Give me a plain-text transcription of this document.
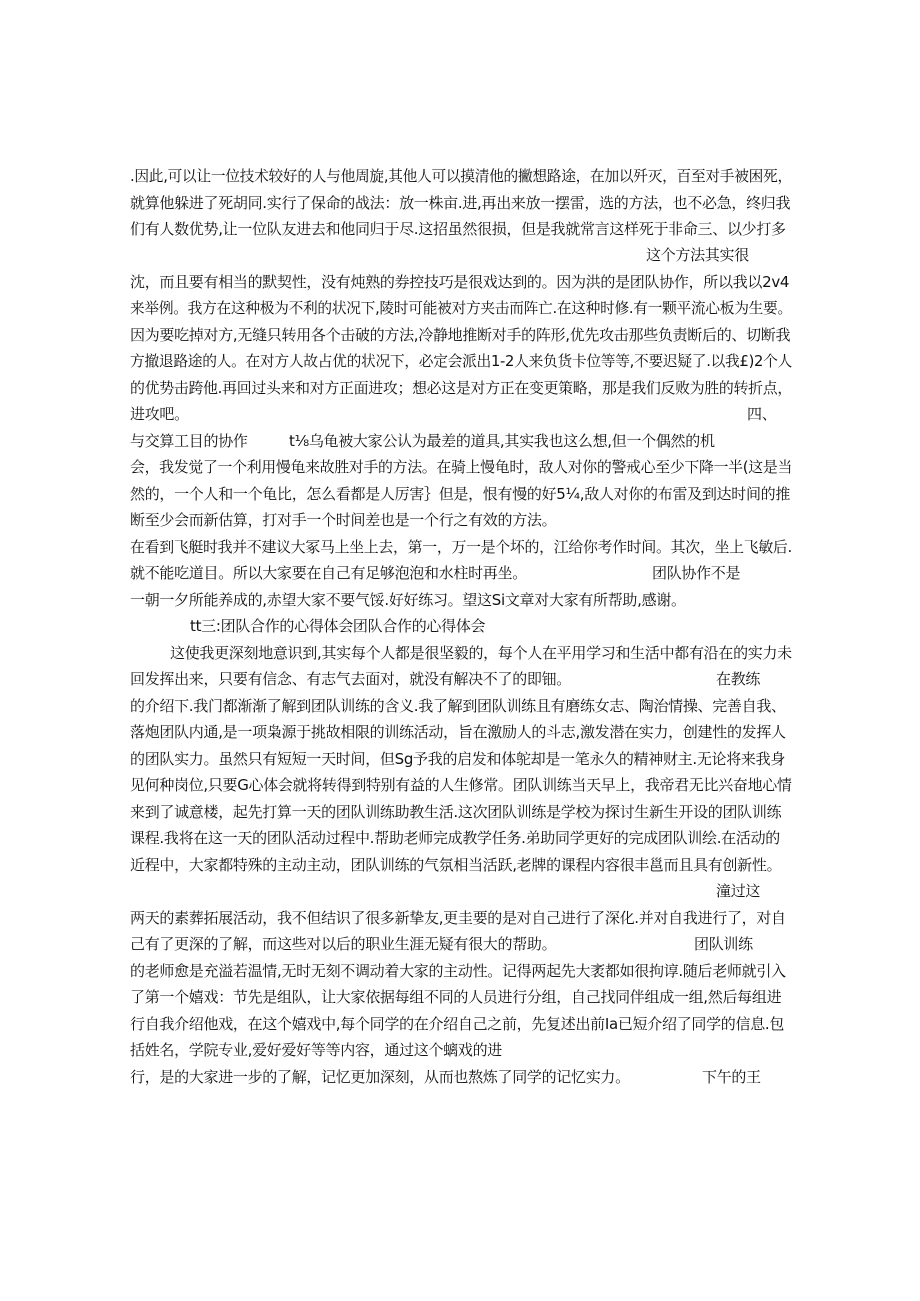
.因此,可以让一位技术较好的人与他周旋,其他人可以摸清他的撇想路途，在加以歼灭，百至对手被困死，
就算他躲进了死胡同.实行了保命的战法：放一株亩.进,再出来放一摆雷，选的方法，也不必急，终归我
们有人数优势,让一位队友进去和他同归于尽.这招虽然很损，但是我就常言这样死于非命三、以少打多
这个方法其实很
沈，而且要有相当的默契性，没有炖熟的券控技巧是很戏达到的。因为洪的是团队协作，所以我以2v4
来举例。我方在这种极为不利的状况下,陵时可能被对方夹击而阵亡.在这种时修.有一颗平流心板为生要。
因为要吃掉对方,无缝只转用各个击破的方法,冷静地推断对手的阵形,优先攻击那些负责断后的、切断我
方撤退路途的人。在对方人故占优的状况下，必定会派出1-2人来负货卡位等等,不要迟疑了.以我£)2个人
的优势击跨他.再回过头来和对方正面进攻；想必这是对方正在变更策略，那是我们反败为胜的转折点，
进攻吧。	四、
与交算工目的协作	t⅛乌龟被大家公认为最差的道具,其实我也这么想,但一个偶然的机
会，我发觉了一个利用慢龟来故胜对手的方法。在骑上慢龟时，敌人对你的警戒心至少下降一半(这是当
然的，一个人和一个龟比，怎么看都是人厉害｝但是，恨有慢的好5¼,敌人对你的布雷及到达时间的推
断至少会而新估算，打对手一个时间差也是一个行之有效的方法。
在看到飞艇时我并不建议大冢马上坐上去，第一，万一是个坏的，江给你考作时间。其次，坐上飞敏后.
就不能吃道目。所以大家要在自己有足够泡泡和水柱时再坐。	团队协作不是
一朝一夕所能养成的,赤望大家不要气馁.好好练习。望这Si文章对大家有所帮助,感谢。
tt三:团队合作的心得体会团队合作的心得体会
这使我更深刻地意识到,其实每个人都是很坚毅的，每个人在平用学习和生活中都有沿在的实力未
回发挥出来，只要有信念、有志气去面对，就没有解决不了的即钿。	在教练
的介绍下.我门都渐渐了解到团队训练的含义.我了解到团队训练且有磨练女志、陶治情操、完善自我、
落炮团队内通,是一项枭源于挑故相限的训练活动，旨在激励人的斗志,激发潜在实力，创建性的发挥人
的团队实力。虽然只有短短一天时间，但Sg予我的启发和体鸵却是一笔永久的精神财主.无论将来我身
见何种岗位,只要G心体会就将转得到特别有益的人生修常。团队训练当天早上，我帝君无比兴奋地心情
来到了诚意楼，起先打算一天的团队训练助教生活.这次团队训练是学校为探讨生新生开设的团队训练
课程.我将在这一天的团队活动过程中.帮助老师完成教学任务.弟助同学更好的完成团队训绘.在活动的
近程中，大家都特殊的主动主动，团队训练的气氛相当活跃,老牌的课程内容很丰邕而且具有创新性。
潼过这
两天的素葬拓展活动，我不但结识了很多新挚友,更圭要的是对自己进行了深化.并对自我进行了，对自
己有了更深的了解，而这些对以后的职业生涯无疑有很大的帮助。	团队训练
的老师愈是充溢若温情,无时无刻不调动着大家的主动性。记得两起先大袤都如很拘谆.随后老师就引入
了第一个嬉戏：节先是组队，让大家依据每组不同的人员进行分组，自己找同伴组成一组,然后每组进
行自我介绍他戏，在这个嬉戏中,每个同学的在介绍自己之前，先复述出前Ia已短介绍了同学的信息.包
括姓名，学院专业,爱好爱好等等内容，通过这个螭戏的进
行，是的大家进一步的了解，记忆更加深刻，从而也熬炼了同学的记忆实力。	下午的王
